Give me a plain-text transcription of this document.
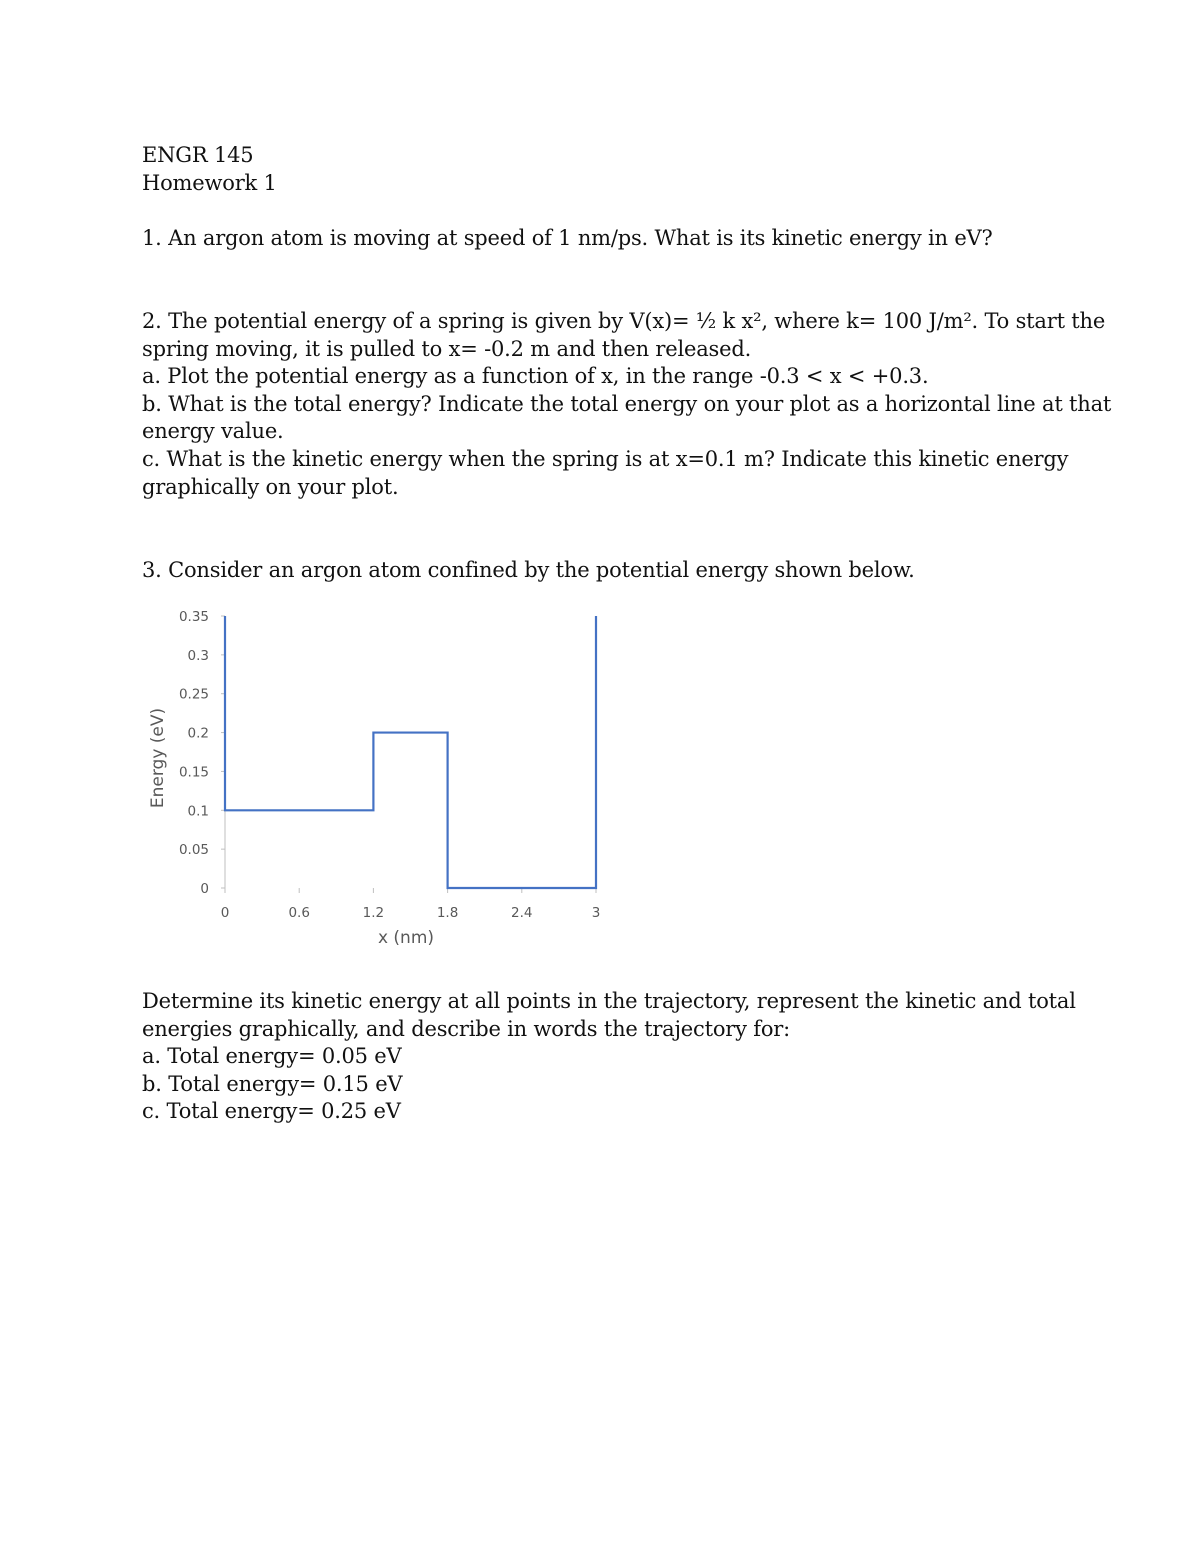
ENGR 145
Homework 1

1. An argon atom is moving at speed of 1 nm/ps. What is its kinetic energy in eV?

2. The potential energy of a spring is given by V(x)= ½ k x², where k= 100 J/m². To start the
spring moving, it is pulled to x= -0.2 m and then released.
a. Plot the potential energy as a function of x, in the range -0.3 < x < +0.3.
b. What is the total energy? Indicate the total energy on your plot as a horizontal line at that
energy value.
c. What is the kinetic energy when the spring is at x=0.1 m? Indicate this kinetic energy
graphically on your plot.

3. Consider an argon atom confined by the potential energy shown below.

0
0.05
0.1
0.15
0.2
0.25
0.3
0.35
0	0.6	1.2	1.8	2.4	3
x (nm)
Energy (eV)

Determine its kinetic energy at all points in the trajectory, represent the kinetic and total
energies graphically, and describe in words the trajectory for:
a. Total energy= 0.05 eV
b. Total energy= 0.15 eV
c. Total energy= 0.25 eV
